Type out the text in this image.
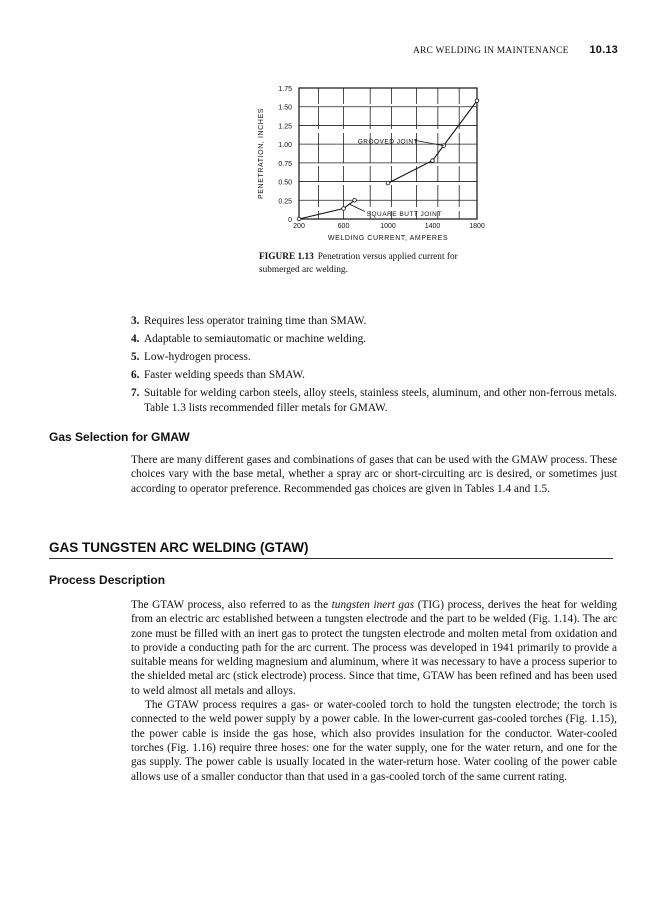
ARC WELDING IN MAINTENANCE 10.13
0
0.25
0.50
0.75
1.00
1.25
1.50
1.75
200	600	1000	1400	1800
WELDING CURRENT, AMPERES
PENETRATION, INCHES	GROOVED JOINT
SQUARE BUTT JOINT
FIGURE 1.13 Penetration versus applied current for submerged arc welding.
3. Requires less operator training time than SMAW.
4. Adaptable to semiautomatic or machine welding.
5. Low-hydrogen process.
6. Faster welding speeds than SMAW.
7. Suitable for welding carbon steels, alloy steels, stainless steels, aluminum, and other non-ferrous metals. Table 1.3 lists recommended filler metals for GMAW.
Gas Selection for GMAW

There are many different gases and combinations of gases that can be used with the GMAW process. These choices vary with the base metal, whether a spray arc or short-circuiting arc is desired, or sometimes just according to operator preference. Recommended gas choices are given in Tables 1.4 and 1.5.

GAS TUNGSTEN ARC WELDING (GTAW)
Process Description

The GTAW process, also referred to as the tungsten inert gas (TIG) process, derives the heat for welding from an electric arc established between a tungsten electrode and the part to be welded (Fig. 1.14). The arc zone must be filled with an inert gas to protect the tungsten electrode and molten metal from oxidation and to provide a conducting path for the arc current. The process was developed in 1941 primarily to provide a suitable means for welding magnesium and aluminum, where it was necessary to have a process superior to the shielded metal arc (stick electrode) process. Since that time, GTAW has been refined and has been used to weld almost all metals and alloys.

The GTAW process requires a gas- or water-cooled torch to hold the tungsten electrode; the torch is connected to the weld power supply by a power cable. In the lower-current gas-cooled torches (Fig. 1.15), the power cable is inside the gas hose, which also provides insulation for the conductor. Water-cooled torches (Fig. 1.16) require three hoses: one for the water supply, one for the water return, and one for the gas supply. The power cable is usually located in the water-return hose. Water cooling of the power cable allows use of a smaller conductor than that used in a gas-cooled torch of the same current rating.
